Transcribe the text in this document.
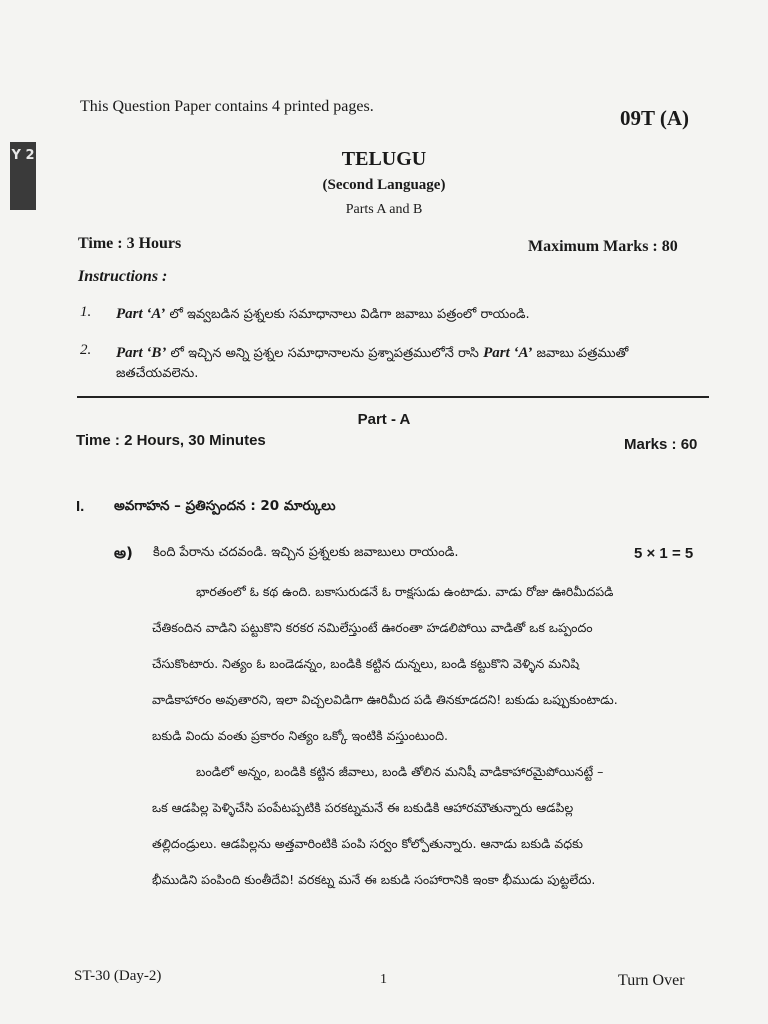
Y 2
This Question Paper contains 4 printed pages.	09T (A)
TELUGU
(Second Language)
Parts A and B
Time : 3 Hours	Maximum Marks : 80
Instructions :
1. Part ‘A’ లో ఇవ్వబడిన ప్రశ్నలకు సమాధానాలు విడిగా జవాబు పత్రంలో రాయండి.
2. Part ‘B’ లో ఇచ్చిన అన్ని ప్రశ్నల సమాధానాలను ప్రశ్నాపత్రములోనే రాసి Part ‘A’ జవాబు పత్రముతో
జతచేయవలెను.
Part - A
Time : 2 Hours, 30 Minutes	Marks : 60
I. అవగాహన – ప్రతిస్పందన : 20 మార్కులు
అ) కింది పేరాను చదవండి. ఇచ్చిన ప్రశ్నలకు జవాబులు రాయండి.	5 × 1 = 5
భారతంలో ఓ కథ ఉంది. బకాసురుడనే ఓ రాక్షసుడు ఉంటాడు. వాడు రోజు ఊరిమీదపడి
చేతికందిన వాడిని పట్టుకొని కరకర నమిలేస్తుంటే ఊరంతా హడలిపోయి వాడితో ఒక ఒప్పందం
చేసుకొంటారు. నిత్యం ఓ బండెడన్నం, బండికి కట్టిన దున్నలు, బండి కట్టుకొని వెళ్ళిన మనిషి
వాడికాహారం అవుతారని, ఇలా విచ్చలవిడిగా ఊరిమీద పడి తినకూడదని! బకుడు ఒప్పుకుంటాడు.
బకుడి విందు వంతు ప్రకారం నిత్యం ఒక్కో ఇంటికి వస్తుంటుంది.
బండిలో అన్నం, బండికి కట్టిన జీవాలు, బండి తోలిన మనిషీ వాడికాహారమైపోయినట్టే –
ఒక ఆడపిల్ల పెళ్ళిచేసి పంపేటప్పటికి పరకట్నమనే ఈ బకుడికి ఆహారమౌతున్నారు ఆడపిల్ల
తల్లిదండ్రులు. ఆడపిల్లను అత్తవారింటికి పంపి సర్వం కోల్పోతున్నారు. ఆనాడు బకుడి వధకు
భీముడిని పంపింది కుంతీదేవి! వరకట్న మనే ఈ బకుడి సంహారానికి ఇంకా భీముడు పుట్టలేదు.
ST-30 (Day-2)	1	Turn Over
